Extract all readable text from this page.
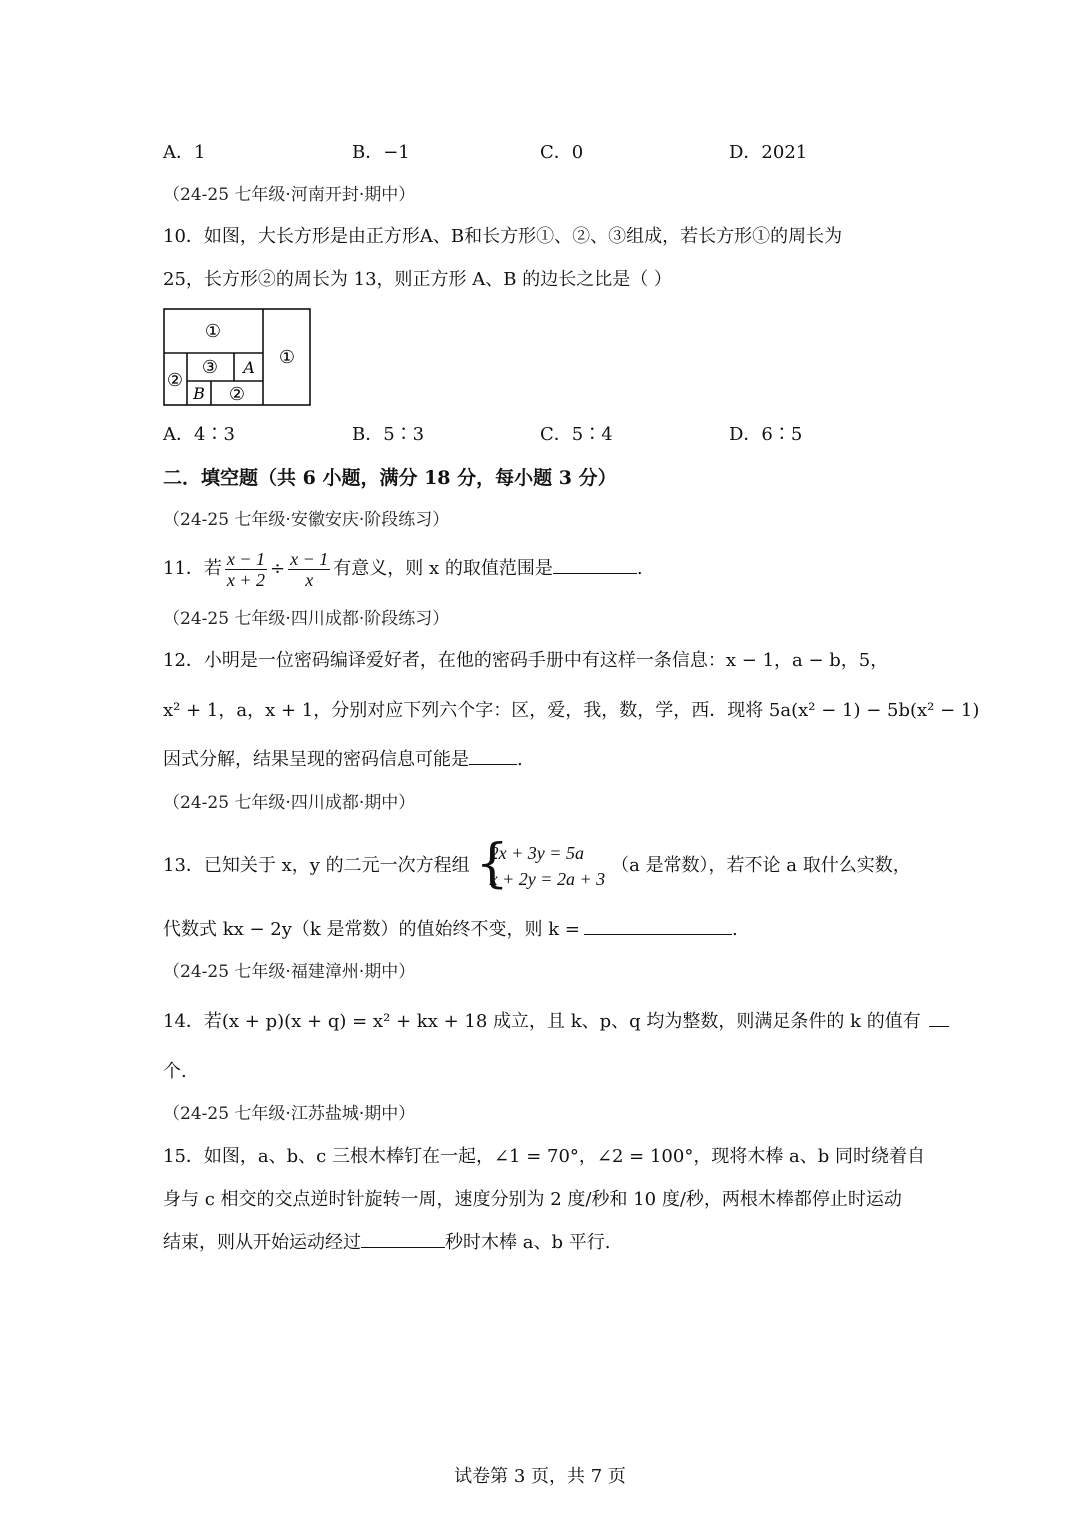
A．1	B．−1	C．0	D．2021
（24-25 七年级·河南开封·期中）
10．如图，大长方形是由正方形A、B和长方形①、②、③组成，若长方形①的周长为
25，长方形②的周长为 13，则正方形 A、B 的边长之比是（ ）
①
①
②
③ A
B ②
A．4∶3	B．5∶3	C．5∶4	D．6∶5
二．填空题（共 6 小题，满分 18 分，每小题 3 分）
（24-25 七年级·安徽安庆·阶段练习）
11．若 $\frac{x - 1}{x + 2} \div \frac{x - 1}{x}$ 有意义，则 x 的取值范围是	.
（24-25 七年级·四川成都·阶段练习）
12．小明是一位密码编译爱好者，在他的密码手册中有这样一条信息：x − 1，a − b，5，
x² + 1，a，x + 1，分别对应下列六个字：区，爱，我，数，学，西．现将 5a(x² − 1) − 5b(x² − 1)
因式分解，结果呈现的密码信息可能是	.
（24-25 七年级·四川成都·期中）
13．已知关于 x，y 的二元一次方程组 {
2x + 3y = 5a
x + 2y = 2a + 3
（a 是常数），若不论 a 取什么实数，
代数式 kx − 2y（k 是常数）的值始终不变，则 k =	.
（24-25 七年级·福建漳州·期中）
14．若(x + p)(x + q) = x² + kx + 18 成立，且 k、p、q 均为整数，则满足条件的 k 的值有
个.
（24-25 七年级·江苏盐城·期中）
15．如图，a、b、c 三根木棒钉在一起，∠1 = 70°，∠2 = 100°，现将木棒 a、b 同时绕着自
身与 c 相交的交点逆时针旋转一周，速度分别为 2 度/秒和 10 度/秒，两根木棒都停止时运动
结束，则从开始运动经过	秒时木棒 a、b 平行.
试卷第 3 页，共 7 页
